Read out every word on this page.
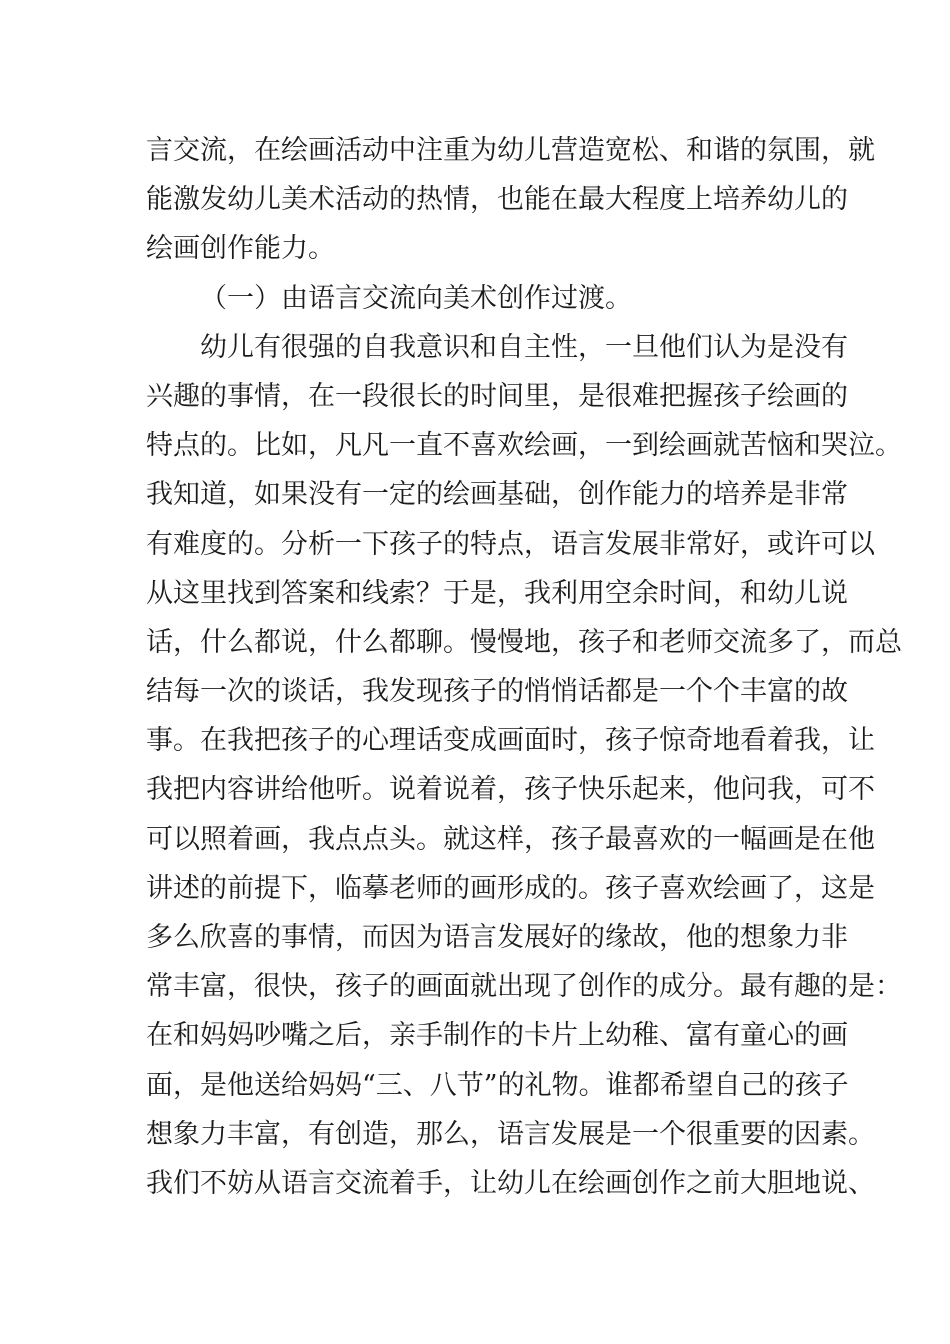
言交流，在绘画活动中注重为幼儿营造宽松、和谐的氛围，就
能激发幼儿美术活动的热情，也能在最大程度上培养幼儿的
绘画创作能力。
（一）由语言交流向美术创作过渡。
幼儿有很强的自我意识和自主性，一旦他们认为是没有
兴趣的事情，在一段很长的时间里，是很难把握孩子绘画的
特点的。比如，凡凡一直不喜欢绘画，一到绘画就苦恼和哭泣。
我知道，如果没有一定的绘画基础，创作能力的培养是非常
有难度的。分析一下孩子的特点，语言发展非常好，或许可以
从这里找到答案和线索？于是，我利用空余时间，和幼儿说
话，什么都说，什么都聊。慢慢地，孩子和老师交流多了，而总
结每一次的谈话，我发现孩子的悄悄话都是一个个丰富的故
事。在我把孩子的心理话变成画面时，孩子惊奇地看着我，让
我把内容讲给他听。说着说着，孩子快乐起来，他问我，可不
可以照着画，我点点头。就这样，孩子最喜欢的一幅画是在他
讲述的前提下，临摹老师的画形成的。孩子喜欢绘画了，这是
多么欣喜的事情，而因为语言发展好的缘故，他的想象力非
常丰富，很快，孩子的画面就出现了创作的成分。最有趣的是：
在和妈妈吵嘴之后，亲手制作的卡片上幼稚、富有童心的画
面，是他送给妈妈“三、八节”的礼物。谁都希望自己的孩子
想象力丰富，有创造，那么，语言发展是一个很重要的因素。
我们不妨从语言交流着手，让幼儿在绘画创作之前大胆地说、
